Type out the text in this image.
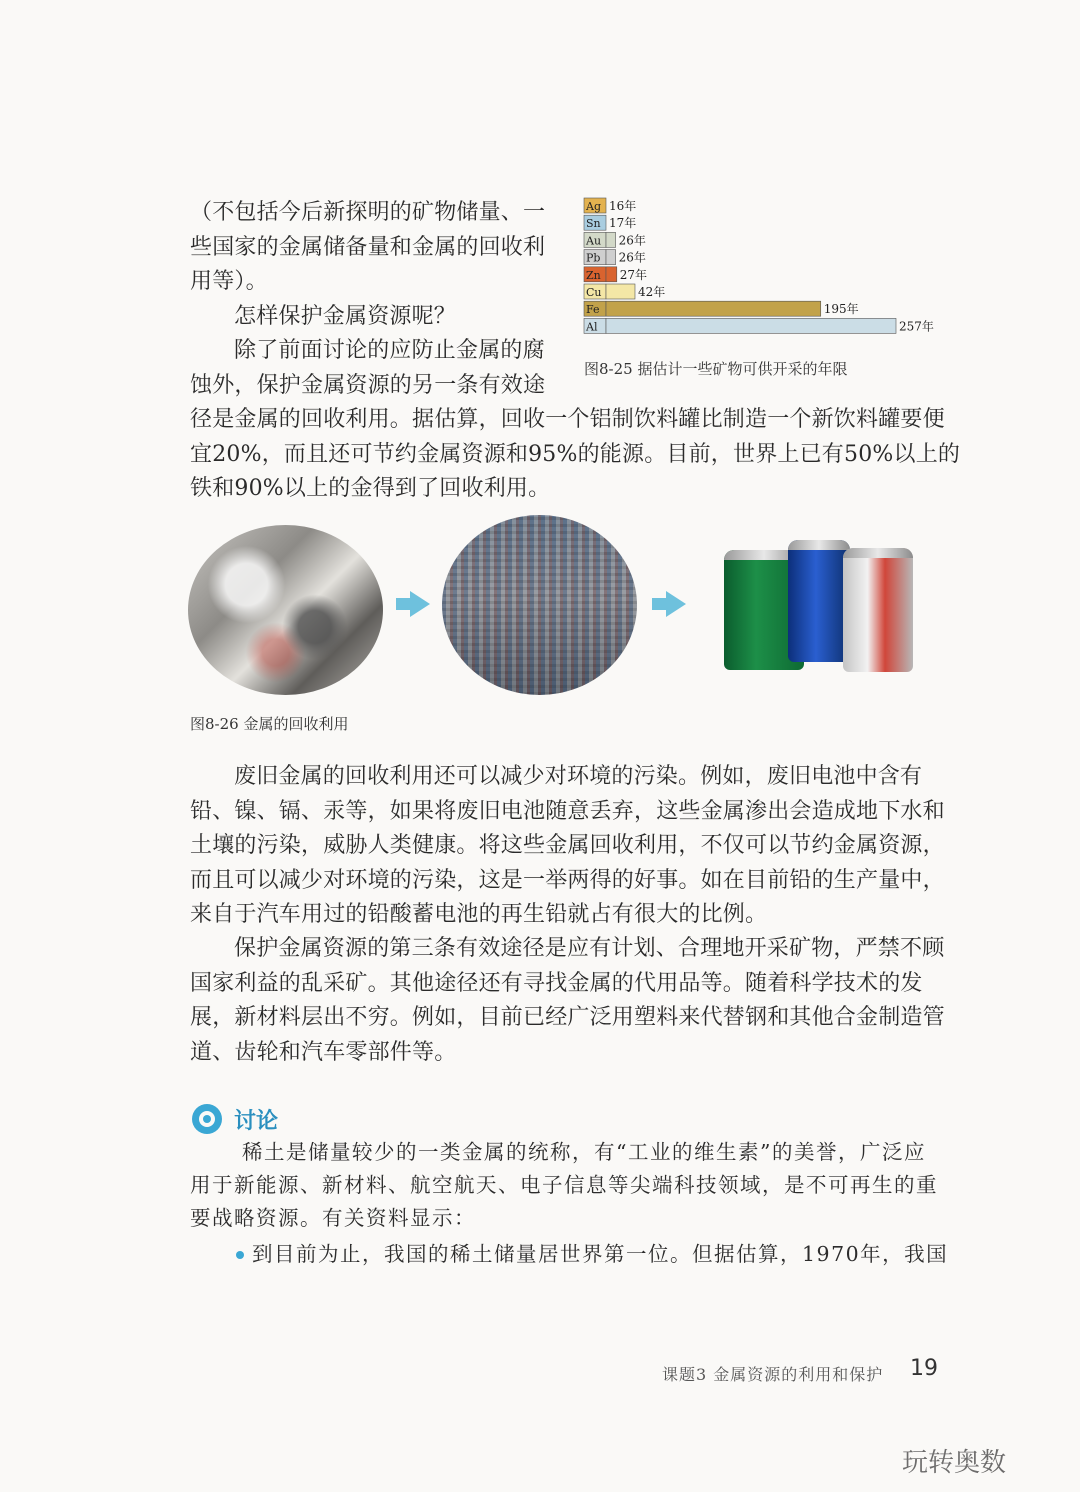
（不包括今后新探明的矿物储量、一
些国家的金属储备量和金属的回收利
用等）。
怎样保护金属资源呢？
除了前面讨论的应防止金属的腐
蚀外，保护金属资源的另一条有效途
Ag 16年
Sn 17年
Au 26年
Pb 26年
Zn 27年
Cu	42年
Fe	195年
Al	257年
图8-25 据估计一些矿物可供开采的年限
径是金属的回收利用。据估算，回收一个铝制饮料罐比制造一个新饮料罐要便
宜20%，而且还可节约金属资源和95%的能源。目前，世界上已有50%以上的
铁和90%以上的金得到了回收利用。
图8-26 金属的回收利用
废旧金属的回收利用还可以减少对环境的污染。例如，废旧电池中含有
铅、镍、镉、汞等，如果将废旧电池随意丢弃，这些金属渗出会造成地下水和
土壤的污染，威胁人类健康。将这些金属回收利用，不仅可以节约金属资源，
而且可以减少对环境的污染，这是一举两得的好事。如在目前铅的生产量中，
来自于汽车用过的铅酸蓄电池的再生铅就占有很大的比例。
保护金属资源的第三条有效途径是应有计划、合理地开采矿物，严禁不顾
国家利益的乱采矿。其他途径还有寻找金属的代用品等。随着科学技术的发
展，新材料层出不穷。例如，目前已经广泛用塑料来代替钢和其他合金制造管
道、齿轮和汽车零部件等。
讨论
稀土是储量较少的一类金属的统称，有“工业的维生素”的美誉，广泛应
用于新能源、新材料、航空航天、电子信息等尖端科技领域，是不可再生的重
要战略资源。有关资料显示：
到目前为止，我国的稀土储量居世界第一位。但据估算，1970年，我国
课题3 金属资源的利用和保护 19
玩转奥数
